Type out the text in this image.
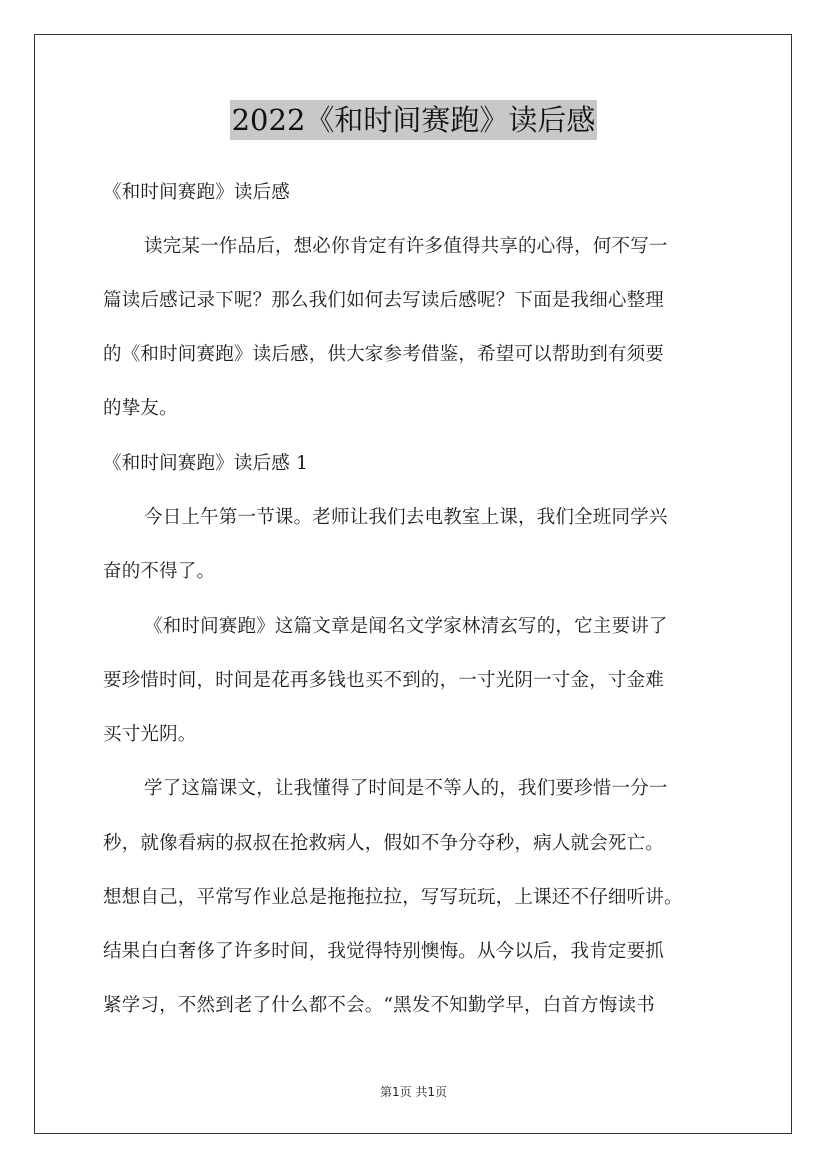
2022《和时间赛跑》读后感
《和时间赛跑》读后感
读完某一作品后，想必你肯定有许多值得共享的心得，何不写一
篇读后感记录下呢？那么我们如何去写读后感呢？下面是我细心整理
的《和时间赛跑》读后感，供大家参考借鉴，希望可以帮助到有须要
的挚友。
《和时间赛跑》读后感 1
今日上午第一节课。老师让我们去电教室上课，我们全班同学兴
奋的不得了。
《和时间赛跑》这篇文章是闻名文学家林清玄写的，它主要讲了
要珍惜时间，时间是花再多钱也买不到的，一寸光阴一寸金，寸金难
买寸光阴。
学了这篇课文，让我懂得了时间是不等人的，我们要珍惜一分一
秒，就像看病的叔叔在抢救病人，假如不争分夺秒，病人就会死亡。
想想自己，平常写作业总是拖拖拉拉，写写玩玩，上课还不仔细听讲。
结果白白奢侈了许多时间，我觉得特别懊悔。从今以后，我肯定要抓
紧学习，不然到老了什么都不会。“黑发不知勤学早，白首方悔读书
第1页 共1页
